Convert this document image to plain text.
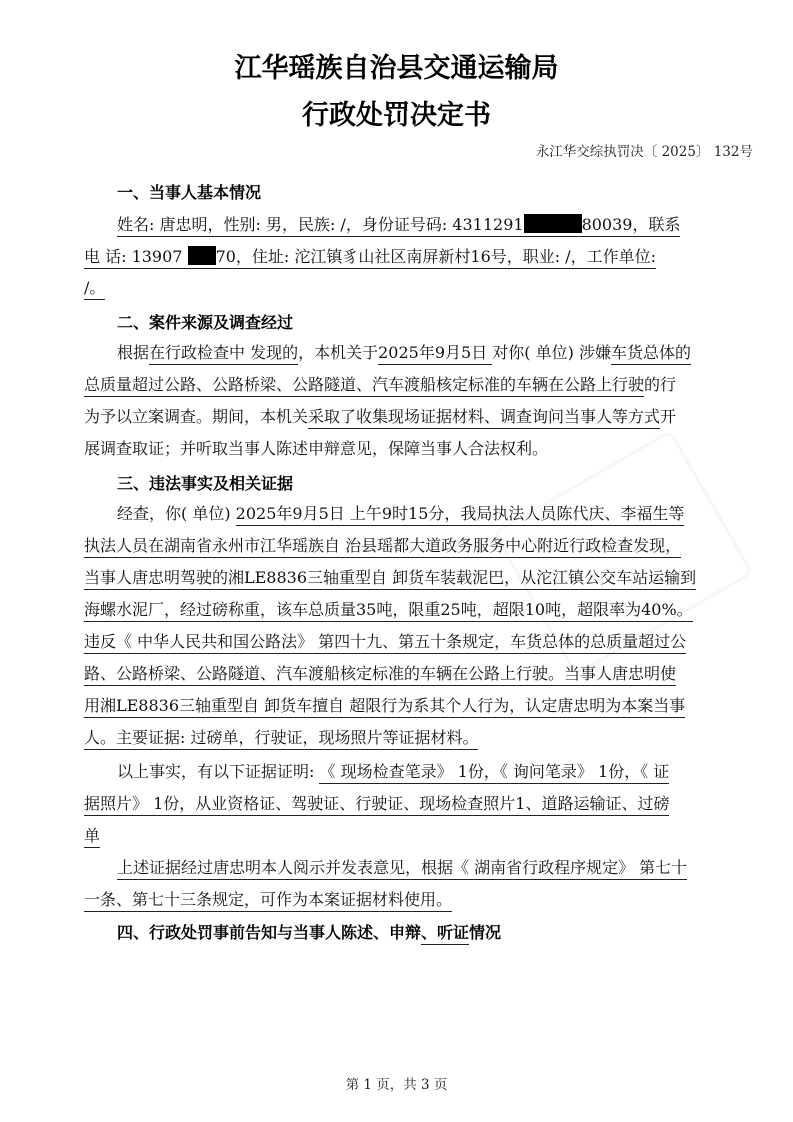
江华瑶族自治县交通运输局
行政处罚决定书
永江华交综执罚决〔 2025〕 132号
一、当事人基本情况
姓名: 唐忠明，性别: 男，民族: /，身份证号码: 4311291	80039，联系
电 话: 13907 70，住址: 沱江镇豸山社区南屏新村16号，职业: /，工作单位:
/。
二、案件来源及调查经过
根据在行政检查中 发现的，本机关于2025年9月5日 对你( 单位) 涉嫌车货总体的
总质量超过公路、公路桥梁、公路隧道、汽车渡船核定标准的车辆在公路上行驶的行
为予以立案调查。期间，本机关采取了收集现场证据材料、调查询问当事人等方式开
展调查取证；并听取当事人陈述申辩意见，保障当事人合法权利。
三、违法事实及相关证据
经查，你( 单位) 2025年9月5日 上午9时15分，我局执法人员陈代庆、李福生等
执法人员在湖南省永州市江华瑶族自 治县瑶都大道政务服务中心附近行政检查发现，
当事人唐忠明驾驶的湘LE8836三轴重型自 卸货车装载泥巴，从沱江镇公交车站运输到
海螺水泥厂，经过磅称重，该车总质量35吨，限重25吨，超限10吨，超限率为40%。
违反《 中华人民共和国公路法》 第四十九、第五十条规定，车货总体的总质量超过公
路、公路桥梁、公路隧道、汽车渡船核定标准的车辆在公路上行驶。当事人唐忠明使
用湘LE8836三轴重型自 卸货车擅自 超限行为系其个人行为，认定唐忠明为本案当事
人。主要证据: 过磅单，行驶证，现场照片等证据材料。
以上事实，有以下证据证明: 《 现场检查笔录》 1份，《 询问笔录》 1份，《 证
据照片》 1份，从业资格证、驾驶证、行驶证、现场检查照片1、道路运输证、过磅
单
上述证据经过唐忠明本人阅示并发表意见，根据《 湖南省行政程序规定》 第七十
一条、第七十三条规定，可作为本案证据材料使用。
四、行政处罚事前告知与当事人陈述、申辩、听证情况
第 1 页，共 3 页
